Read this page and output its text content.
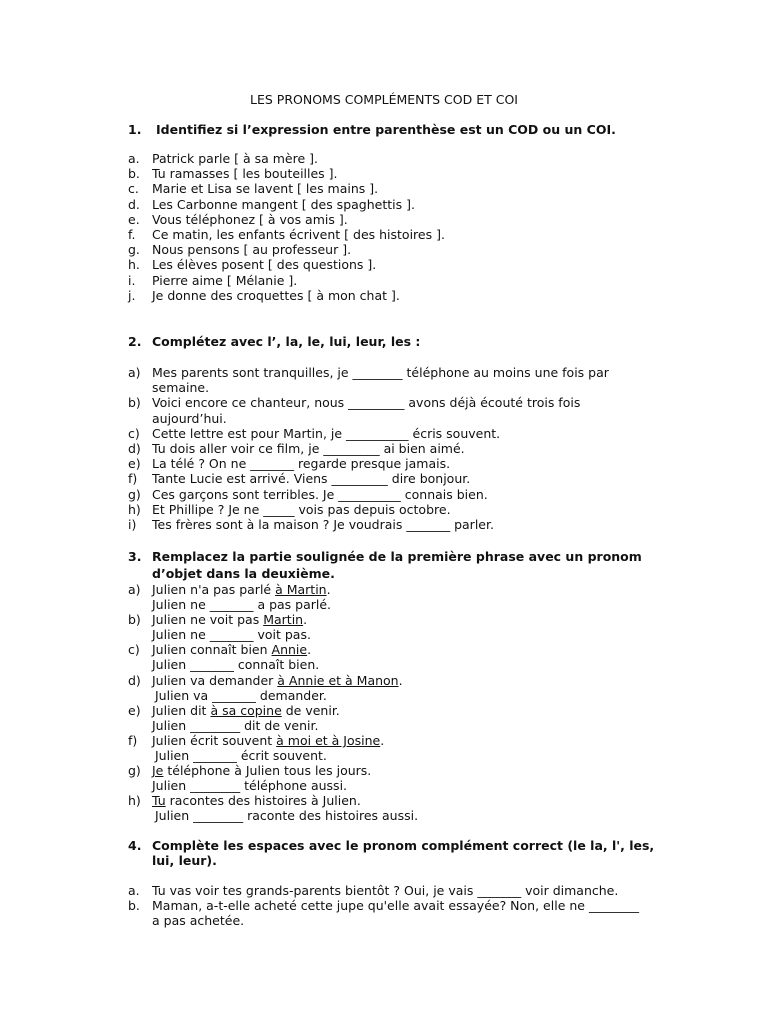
LES PRONOMS COMPLÉMENTS COD ET COI
1. Identifiez si l’expression entre parenthèse est un COD ou un COI.
a. Patrick parle [ à sa mère ].
b. Tu ramasses [ les bouteilles ].
c. Marie et Lisa se lavent [ les mains ].
d. Les Carbonne mangent [ des spaghettis ].
e. Vous téléphonez [ à vos amis ].
f. Ce matin, les enfants écrivent [ des histoires ].
g. Nous pensons [ au professeur ].
h. Les élèves posent [ des questions ].
i. Pierre aime [ Mélanie ].
j. Je donne des croquettes [ à mon chat ].
2. Complétez avec l’, la, le, lui, leur, les :
a) Mes parents sont tranquilles, je ________ téléphone au moins une fois par
semaine.
b) Voici encore ce chanteur, nous _________ avons déjà écouté trois fois
aujourd’hui.
c) Cette lettre est pour Martin, je __________ écris souvent.
d) Tu dois aller voir ce film, je _________ ai bien aimé.
e) La télé ? On ne _______ regarde presque jamais.
f) Tante Lucie est arrivé. Viens _________ dire bonjour.
g) Ces garçons sont terribles. Je __________ connais bien.
h) Et Phillipe ? Je ne _____ vois pas depuis octobre.
i) Tes frères sont à la maison ? Je voudrais _______ parler.
3. Remplacez la partie soulignée de la première phrase avec un pronom
d’objet dans la deuxième.
a) Julien n'a pas parlé à Martin.
Julien ne _______ a pas parlé.
b) Julien ne voit pas Martin.
Julien ne _______ voit pas.
c) Julien connaît bien Annie.
Julien _______ connaît bien.
d) Julien va demander à Annie et à Manon.
Julien va _______ demander.
e) Julien dit à sa copine de venir.
Julien ________ dit de venir.
f) Julien écrit souvent à moi et à Josine.
Julien _______ écrit souvent.
g) Je téléphone à Julien tous les jours.
Julien ________ téléphone aussi.
h) Tu racontes des histoires à Julien.
Julien ________ raconte des histoires aussi.
4. Complète les espaces avec le pronom complément correct (le la, l', les,
lui, leur).
a. Tu vas voir tes grands-parents bientôt ? Oui, je vais _______ voir dimanche.
b. Maman, a-t-elle acheté cette jupe qu'elle avait essayée? Non, elle ne ________
a pas achetée.
